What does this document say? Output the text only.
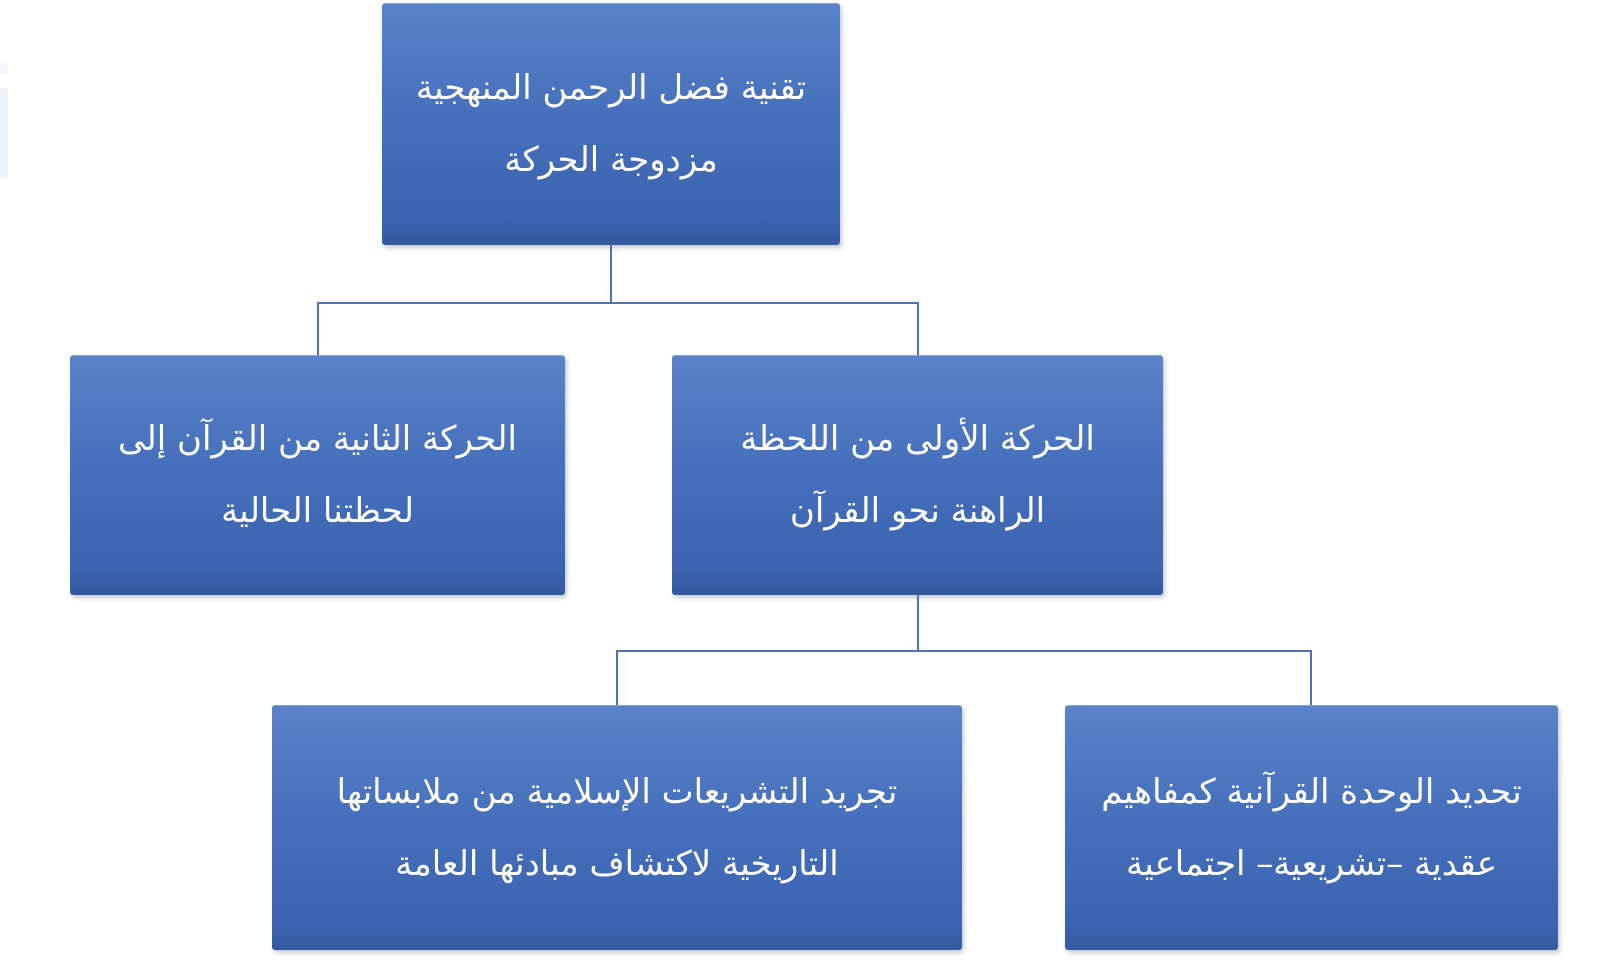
تقنية فضل الرحمن المنهجية
مزدوجة الحركة
الحركة الثانية من القرآن إلى
لحظتنا الحالية
الحركة الأولى من اللحظة
الراهنة نحو القرآن
تجريد التشريعات الإسلامية من ملابساتها
التاريخية لاكتشاف مبادئها العامة
تحديد الوحدة القرآنية كمفاهيم
عقدية –تشريعية– اجتماعية
